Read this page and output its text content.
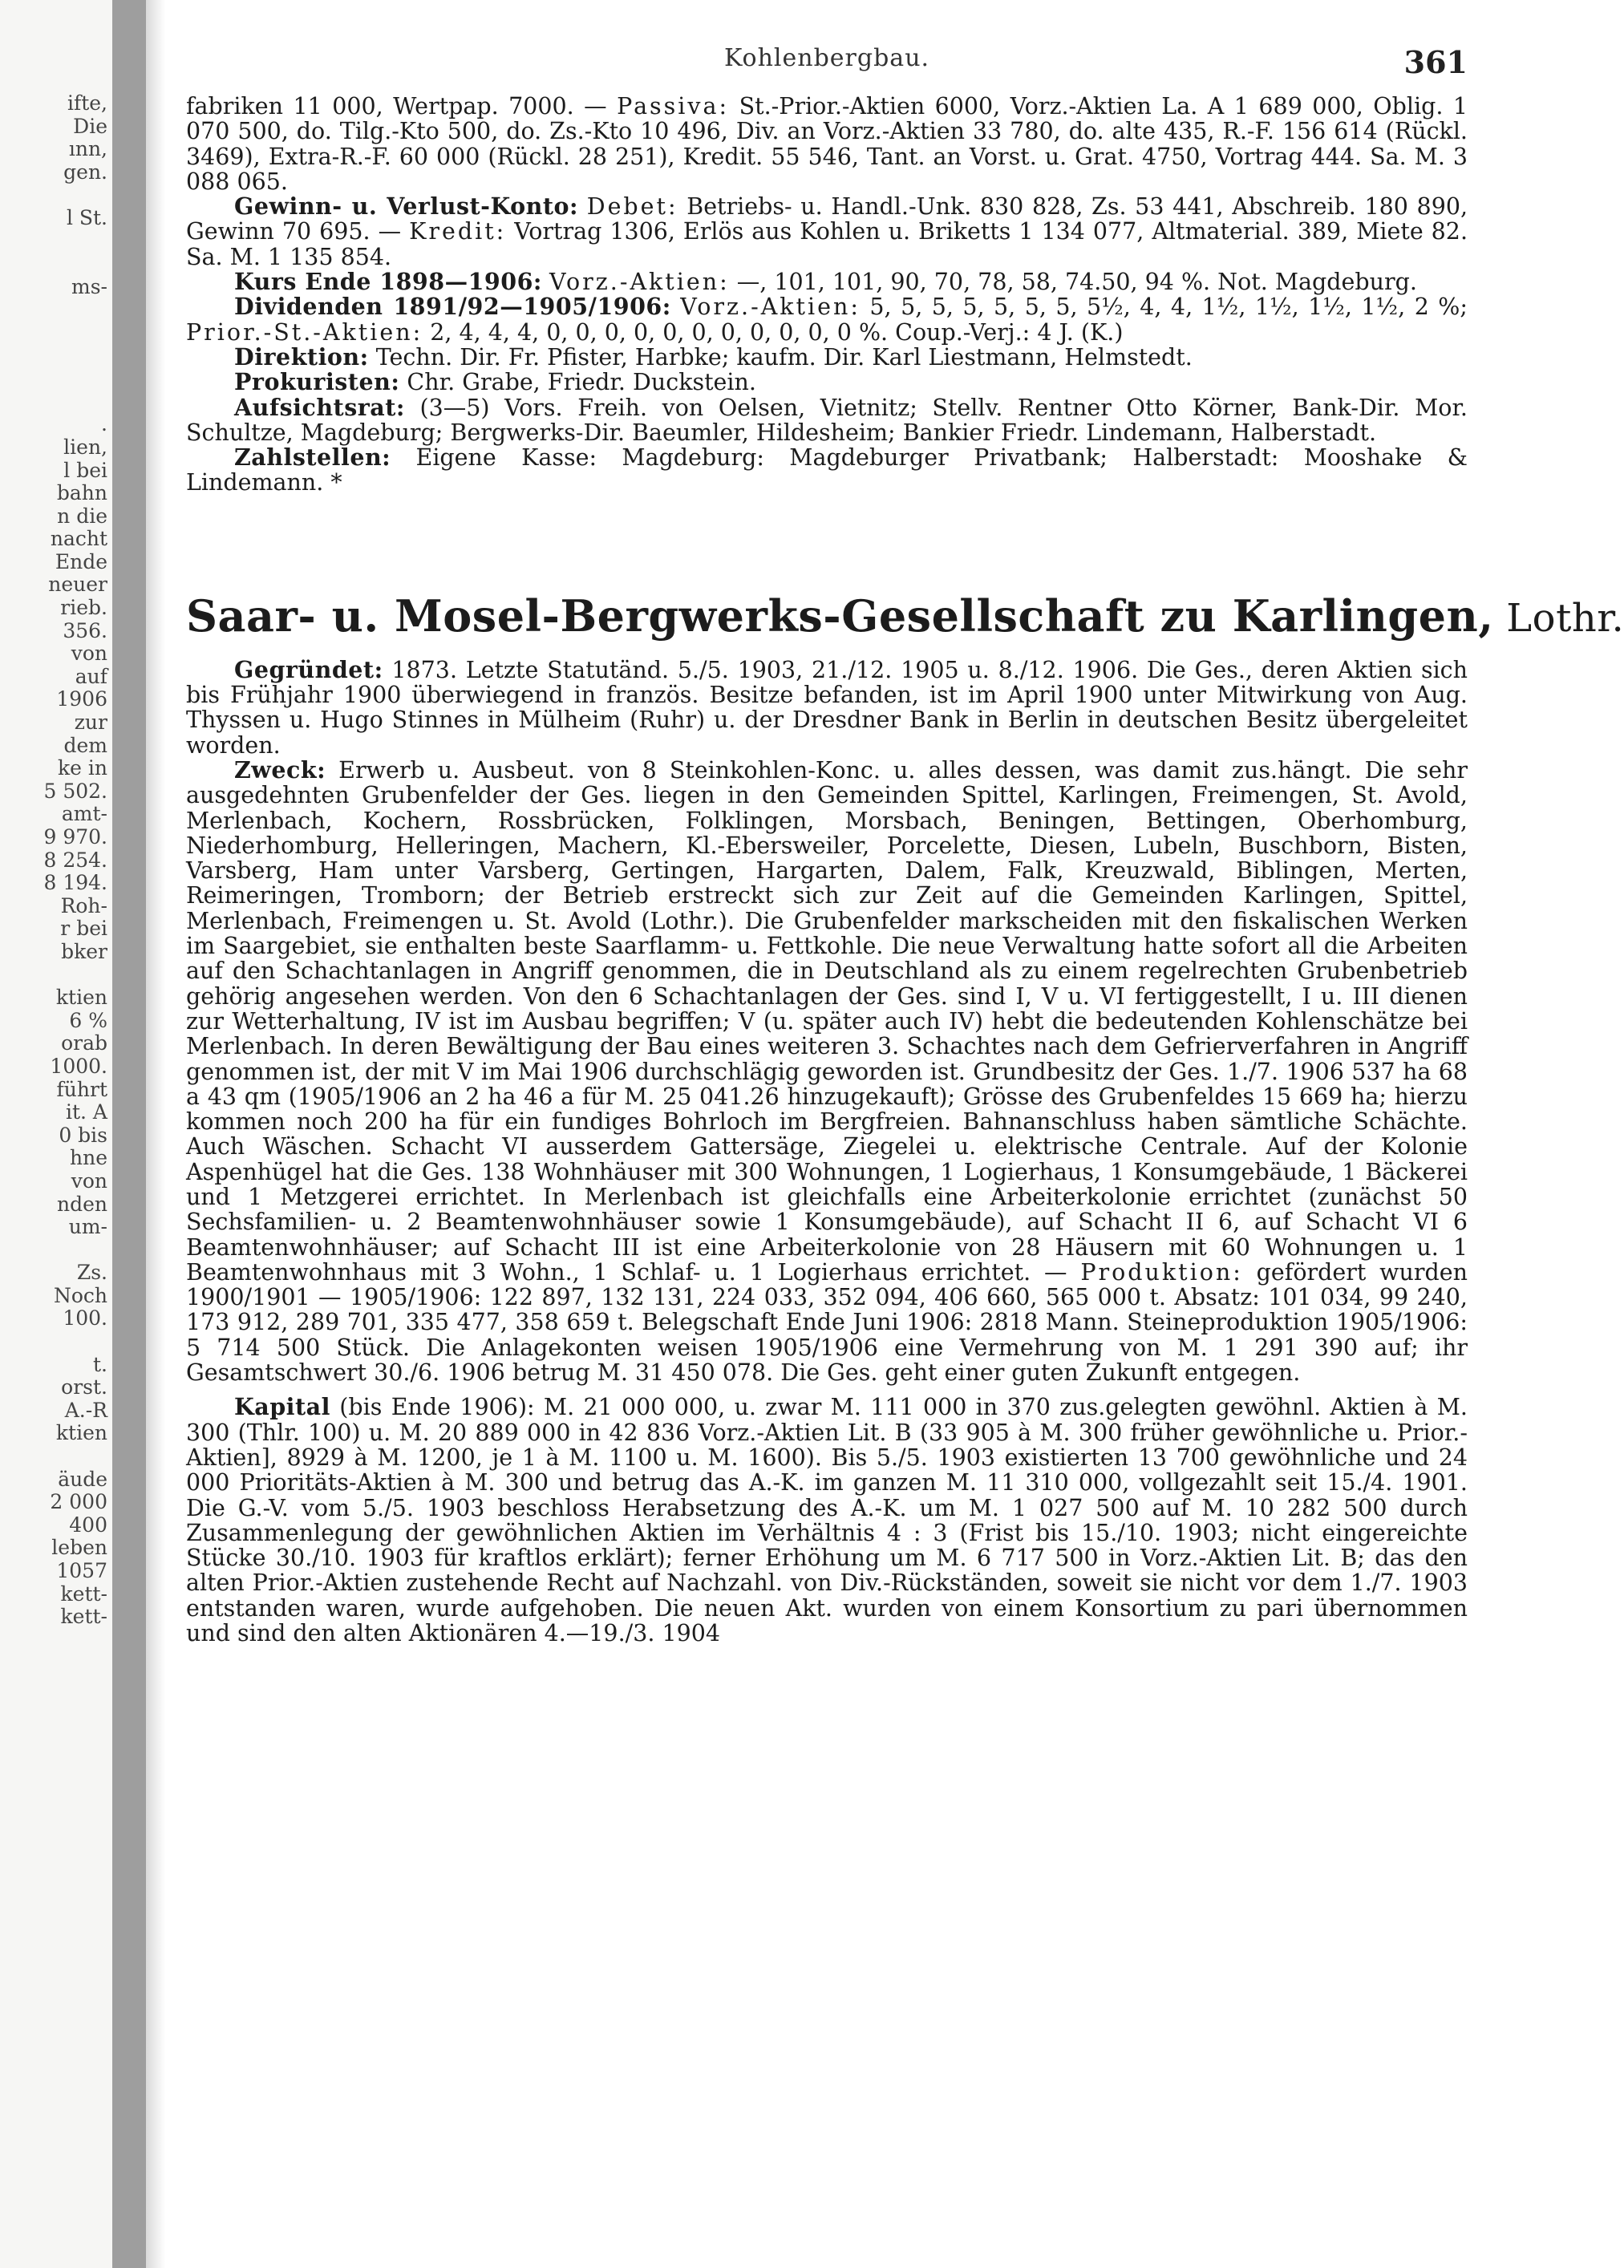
ifte,
Die
ınn,
gen.

l St.

ms-

.
lien,
l bei
bahn
n die
nacht
Ende
neuer
rieb.
356.
von
auf
1906
zur
dem
ke in
5 502.
amt-
9 970.
8 254.
8 194.
Roh-
r bei
bker

ktien
6 %
orab
1000.
führt
it. A
0 bis
hne
von
nden
um-

Zs.
Noch
100.

t.
orst.
A.-R
ktien

äude
2 000
400
leben
1057
kett-
kett-
Kohlenbergbau.	361

fabriken 11 000, Wertpap. 7000. — Passiva: St.-Prior.-Aktien 6000, Vorz.-Aktien La. A 1 689 000, Oblig. 1 070 500, do. Tilg.-Kto 500, do. Zs.-Kto 10 496, Div. an Vorz.-Aktien 33 780, do. alte 435, R.-F. 156 614 (Rückl. 3469), Extra-R.-F. 60 000 (Rückl. 28 251), Kredit. 55 546, Tant. an Vorst. u. Grat. 4750, Vortrag 444. Sa. M. 3 088 065.

Gewinn- u. Verlust-Konto: Debet: Betriebs- u. Handl.-Unk. 830 828, Zs. 53 441, Abschreib. 180 890, Gewinn 70 695. — Kredit: Vortrag 1306, Erlös aus Kohlen u. Briketts 1 134 077, Altmaterial. 389, Miete 82. Sa. M. 1 135 854.

Kurs Ende 1898—1906: Vorz.-Aktien: —, 101, 101, 90, 70, 78, 58, 74.50, 94 %. Not. Magdeburg.

Dividenden 1891/92—1905/1906: Vorz.-Aktien: 5, 5, 5, 5, 5, 5, 5, 5½, 4, 4, 1½, 1½, 1½, 1½, 2 %; Prior.-St.-Aktien: 2, 4, 4, 4, 0, 0, 0, 0, 0, 0, 0, 0, 0, 0, 0 %. Coup.-Verj.: 4 J. (K.)

Direktion: Techn. Dir. Fr. Pfister, Harbke; kaufm. Dir. Karl Liestmann, Helmstedt.

Prokuristen: Chr. Grabe, Friedr. Duckstein.

Aufsichtsrat: (3—5) Vors. Freih. von Oelsen, Vietnitz; Stellv. Rentner Otto Körner, Bank-Dir. Mor. Schultze, Magdeburg; Bergwerks-Dir. Baeumler, Hildesheim; Bankier Friedr. Lindemann, Halberstadt.

Zahlstellen: Eigene Kasse: Magdeburg: Magdeburger Privatbank; Halberstadt: Mooshake & Lindemann. *

Saar- u. Mosel-Bergwerks-Gesellschaft zu Karlingen, Lothr.

Gegründet: 1873. Letzte Statutänd. 5./5. 1903, 21./12. 1905 u. 8./12. 1906. Die Ges., deren Aktien sich bis Frühjahr 1900 überwiegend in französ. Besitze befanden, ist im April 1900 unter Mitwirkung von Aug. Thyssen u. Hugo Stinnes in Mülheim (Ruhr) u. der Dresdner Bank in Berlin in deutschen Besitz übergeleitet worden.

Zweck: Erwerb u. Ausbeut. von 8 Steinkohlen-Konc. u. alles dessen, was damit zus.hängt. Die sehr ausgedehnten Grubenfelder der Ges. liegen in den Gemeinden Spittel, Karlingen, Freimengen, St. Avold, Merlenbach, Kochern, Rossbrücken, Folklingen, Morsbach, Beningen, Bettingen, Oberhomburg, Niederhomburg, Helleringen, Machern, Kl.-Ebersweiler, Porcelette, Diesen, Lubeln, Buschborn, Bisten, Varsberg, Ham unter Varsberg, Gertingen, Hargarten, Dalem, Falk, Kreuzwald, Biblingen, Merten, Reimeringen, Tromborn; der Betrieb erstreckt sich zur Zeit auf die Gemeinden Karlingen, Spittel, Merlenbach, Freimengen u. St. Avold (Lothr.). Die Grubenfelder markscheiden mit den fiskalischen Werken im Saargebiet, sie enthalten beste Saarflamm- u. Fettkohle. Die neue Verwaltung hatte sofort all die Arbeiten auf den Schachtanlagen in Angriff genommen, die in Deutschland als zu einem regelrechten Grubenbetrieb gehörig angesehen werden. Von den 6 Schachtanlagen der Ges. sind I, V u. VI fertiggestellt, I u. III dienen zur Wetterhaltung, IV ist im Ausbau begriffen; V (u. später auch IV) hebt die bedeutenden Kohlenschätze bei Merlenbach. In deren Bewältigung der Bau eines weiteren 3. Schachtes nach dem Gefrierverfahren in Angriff genommen ist, der mit V im Mai 1906 durchschlägig geworden ist. Grundbesitz der Ges. 1./7. 1906 537 ha 68 a 43 qm (1905/1906 an 2 ha 46 a für M. 25 041.26 hinzugekauft); Grösse des Grubenfeldes 15 669 ha; hierzu kommen noch 200 ha für ein fundiges Bohrloch im Bergfreien. Bahnanschluss haben sämtliche Schächte. Auch Wäschen. Schacht VI ausserdem Gattersäge, Ziegelei u. elektrische Centrale. Auf der Kolonie Aspenhügel hat die Ges. 138 Wohnhäuser mit 300 Wohnungen, 1 Logierhaus, 1 Konsumgebäude, 1 Bäckerei und 1 Metzgerei errichtet. In Merlenbach ist gleichfalls eine Arbeiterkolonie errichtet (zunächst 50 Sechsfamilien- u. 2 Beamtenwohnhäuser sowie 1 Konsumgebäude), auf Schacht II 6, auf Schacht VI 6 Beamtenwohnhäuser; auf Schacht III ist eine Arbeiterkolonie von 28 Häusern mit 60 Wohnungen u. 1 Beamtenwohnhaus mit 3 Wohn., 1 Schlaf- u. 1 Logierhaus errichtet. — Produktion: gefördert wurden 1900/1901 — 1905/1906: 122 897, 132 131, 224 033, 352 094, 406 660, 565 000 t. Absatz: 101 034, 99 240, 173 912, 289 701, 335 477, 358 659 t. Belegschaft Ende Juni 1906: 2818 Mann. Steineproduktion 1905/1906: 5 714 500 Stück. Die Anlagekonten weisen 1905/1906 eine Vermehrung von M. 1 291 390 auf; ihr Gesamtschwert 30./6. 1906 betrug M. 31 450 078. Die Ges. geht einer guten Zukunft entgegen.

Kapital (bis Ende 1906): M. 21 000 000, u. zwar M. 111 000 in 370 zus.gelegten gewöhnl. Aktien à M. 300 (Thlr. 100) u. M. 20 889 000 in 42 836 Vorz.-Aktien Lit. B (33 905 à M. 300 früher gewöhnliche u. Prior.-Aktien], 8929 à M. 1200, je 1 à M. 1100 u. M. 1600). Bis 5./5. 1903 existierten 13 700 gewöhnliche und 24 000 Prioritäts-Aktien à M. 300 und betrug das A.-K. im ganzen M. 11 310 000, vollgezahlt seit 15./4. 1901. Die G.-V. vom 5./5. 1903 beschloss Herabsetzung des A.-K. um M. 1 027 500 auf M. 10 282 500 durch Zusammenlegung der gewöhnlichen Aktien im Verhältnis 4 : 3 (Frist bis 15./10. 1903; nicht eingereichte Stücke 30./10. 1903 für kraftlos erklärt); ferner Erhöhung um M. 6 717 500 in Vorz.-Aktien Lit. B; das den alten Prior.-Aktien zustehende Recht auf Nachzahl. von Div.-Rückständen, soweit sie nicht vor dem 1./7. 1903 entstanden waren, wurde aufgehoben. Die neuen Akt. wurden von einem Konsortium zu pari übernommen und sind den alten Aktionären 4.—19./3. 1904
